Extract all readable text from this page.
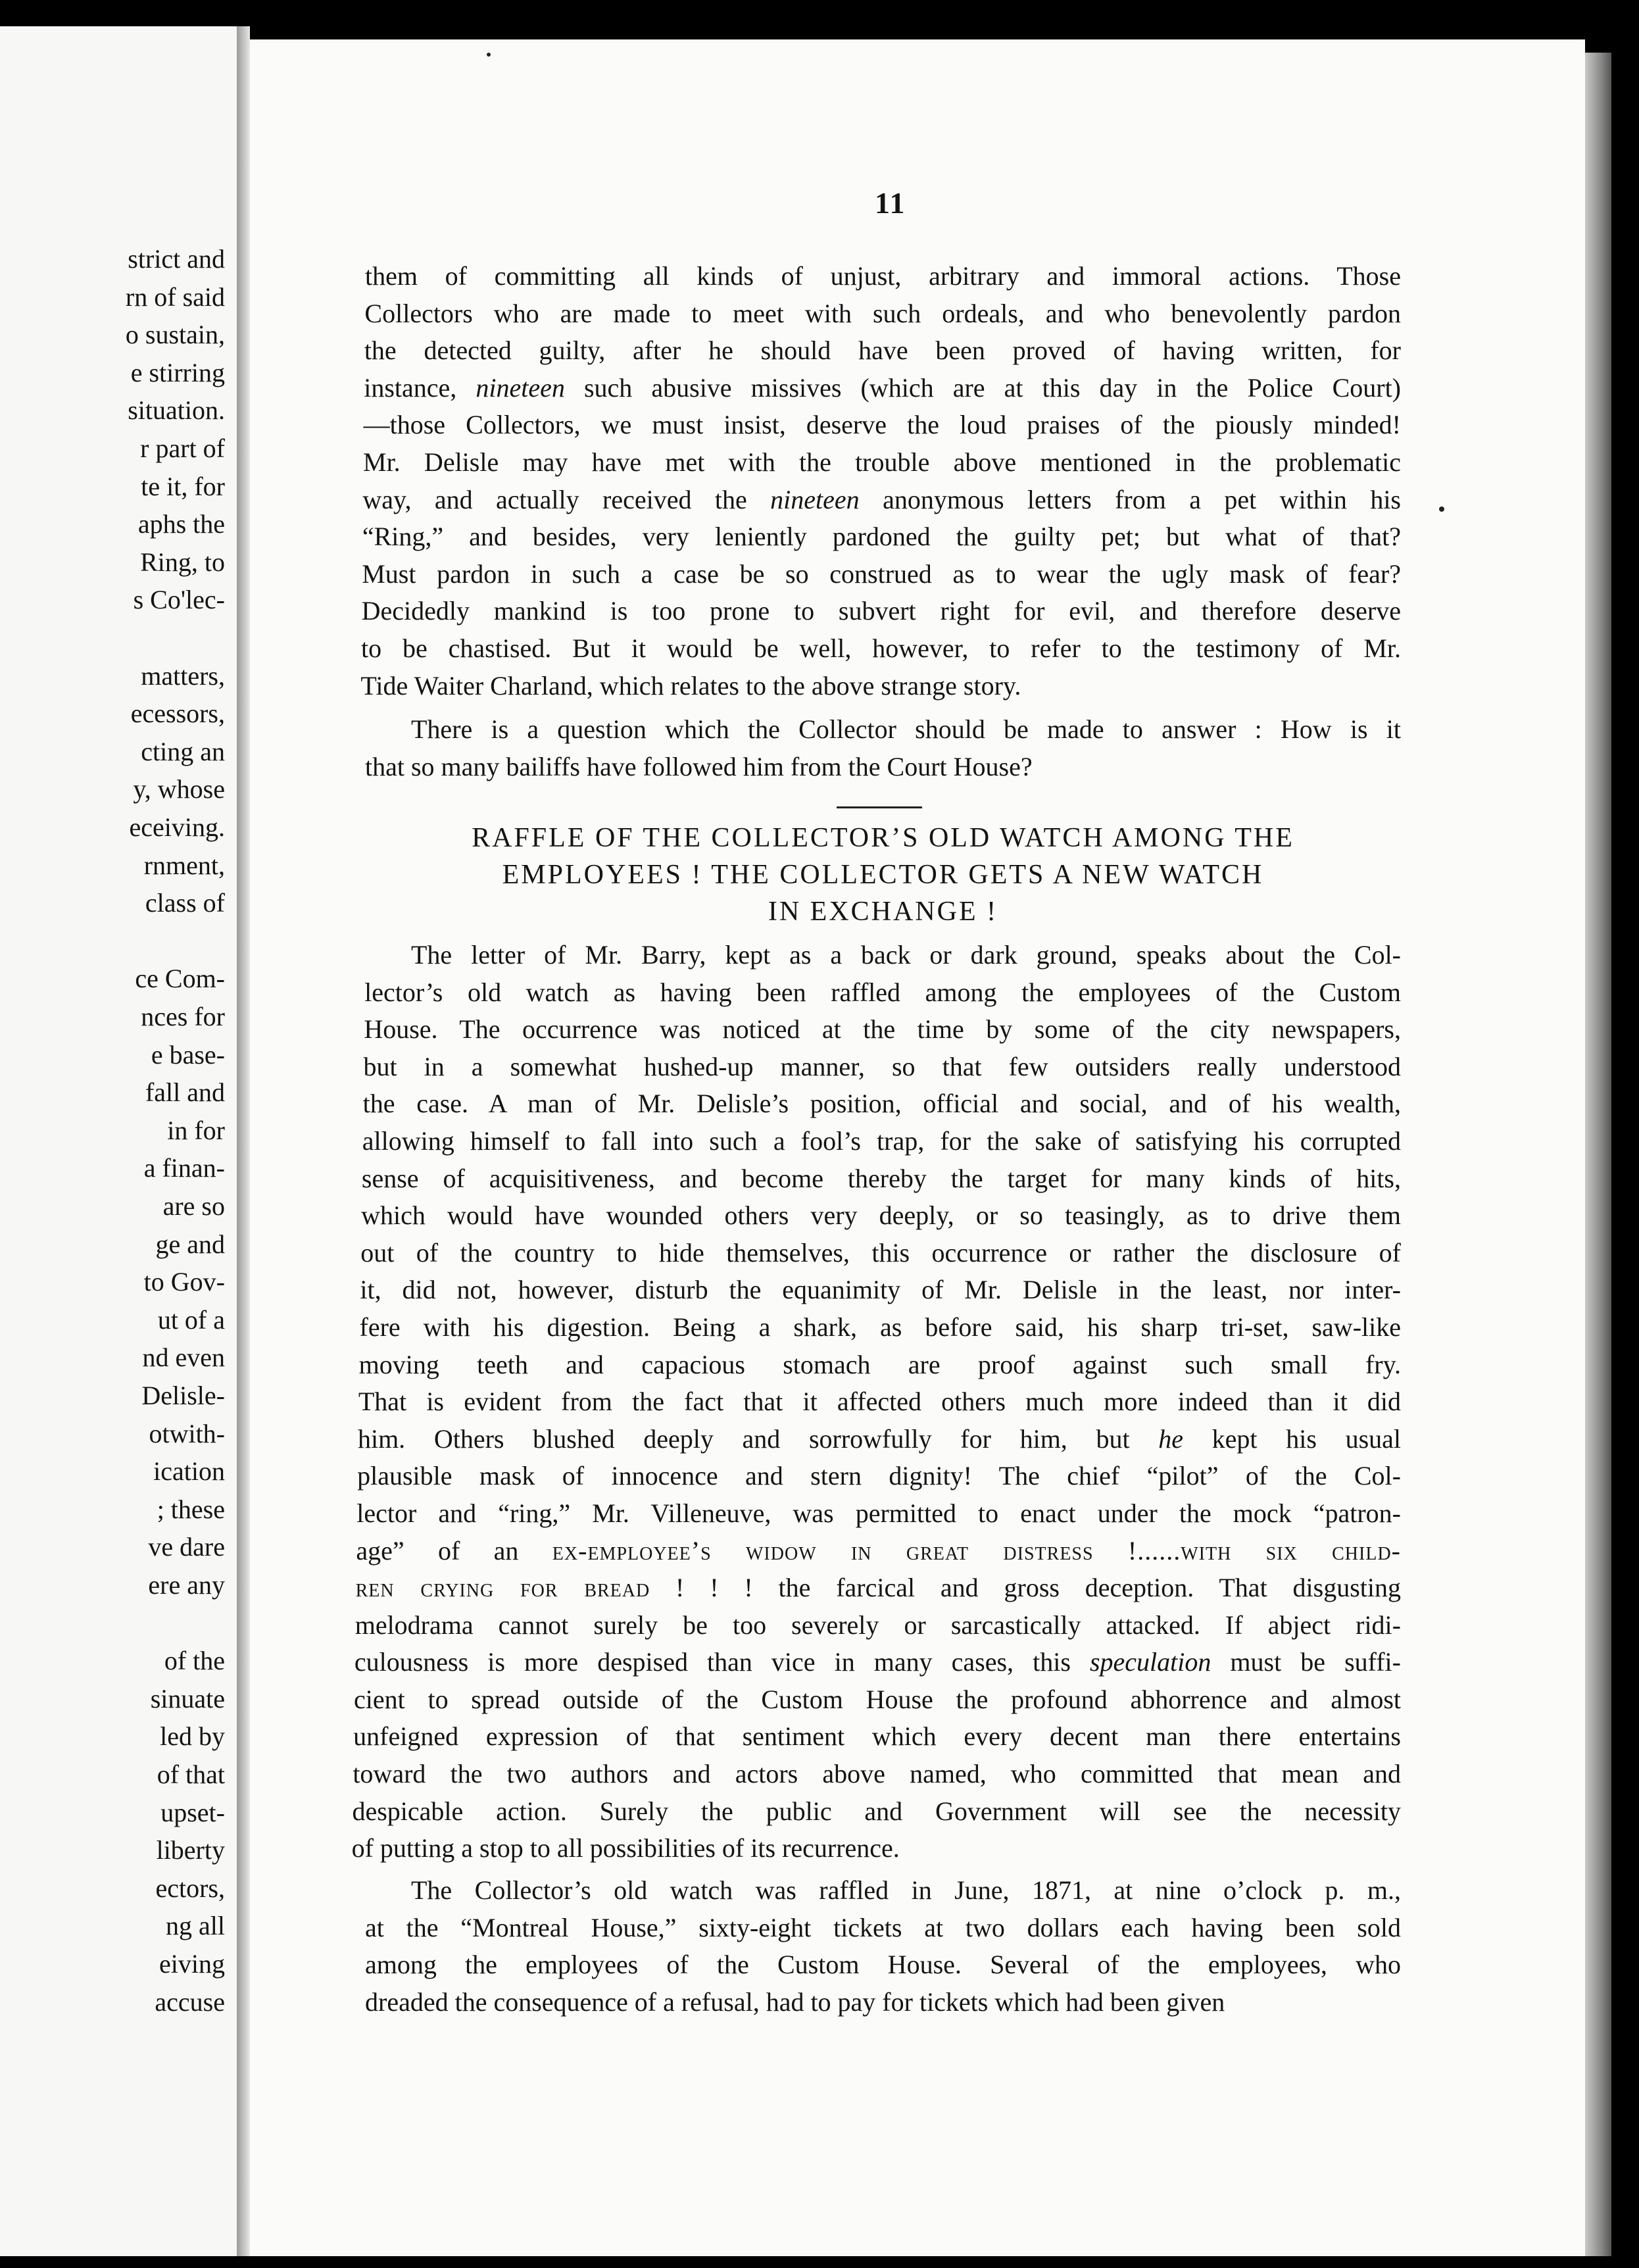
strict and
rn of said
o sustain,
e stirring
situation.
r part of
te it, for
aphs the
Ring, to
s Co'lec-
matters,
ecessors,
cting an
y, whose
eceiving.
rnment,
class of
ce Com-
nces for
e base-
fall and
in for
a finan-
are so
ge and
to Gov-
ut of a
nd even
Delisle-
otwith-
ication
; these
ve dare
ere any
of the
sinuate
led by
of that
upset-
liberty
ectors,
ng all
eiving
accuse
11
them of committing all kinds of unjust, arbitrary and immoral actions. Those
Collectors who are made to meet with such ordeals, and who benevolently pardon
the detected guilty, after he should have been proved of having written, for
instance, nineteen such abusive missives (which are at this day in the Police Court)
—those Collectors, we must insist, deserve the loud praises of the piously minded!
Mr. Delisle may have met with the trouble above mentioned in the problematic
way, and actually received the nineteen anonymous letters from a pet within his
“Ring,” and besides, very leniently pardoned the guilty pet; but what of that?
Must pardon in such a case be so construed as to wear the ugly mask of fear?
Decidedly mankind is too prone to subvert right for evil, and therefore deserve
to be chastised. But it would be well, however, to refer to the testimony of Mr.
Tide Waiter Charland, which relates to the above strange story.
There is a question which the Collector should be made to answer : How is it
that so many bailiffs have followed him from the Court House?
RAFFLE OF THE COLLECTOR’S OLD WATCH AMONG THE
EMPLOYEES ! THE COLLECTOR GETS A NEW WATCH
IN EXCHANGE !
The letter of Mr. Barry, kept as a back or dark ground, speaks about the Col-
lector’s old watch as having been raffled among the employees of the Custom
House. The occurrence was noticed at the time by some of the city newspapers,
but in a somewhat hushed-up manner, so that few outsiders really understood
the case. A man of Mr. Delisle’s position, official and social, and of his wealth,
allowing himself to fall into such a fool’s trap, for the sake of satisfying his corrupted
sense of acquisitiveness, and become thereby the target for many kinds of hits,
which would have wounded others very deeply, or so teasingly, as to drive them
out of the country to hide themselves, this occurrence or rather the disclosure of
it, did not, however, disturb the equanimity of Mr. Delisle in the least, nor inter-
fere with his digestion. Being a shark, as before said, his sharp tri-set, saw-like
moving teeth and capacious stomach are proof against such small fry.
That is evident from the fact that it affected others much more indeed than it did
him. Others blushed deeply and sorrowfully for him, but he kept his usual
plausible mask of innocence and stern dignity! The chief “pilot” of the Col-
lector and “ring,” Mr. Villeneuve, was permitted to enact under the mock “patron-
age” of an ex-employee’s widow in great distress !......with six child-
ren crying for bread ! ! ! the farcical and gross deception. That disgusting
melodrama cannot surely be too severely or sarcastically attacked. If abject ridi-
culousness is more despised than vice in many cases, this speculation must be suffi-
cient to spread outside of the Custom House the profound abhorrence and almost
unfeigned expression of that sentiment which every decent man there entertains
toward the two authors and actors above named, who committed that mean and
despicable action. Surely the public and Government will see the necessity
of putting a stop to all possibilities of its recurrence.
The Collector’s old watch was raffled in June, 1871, at nine o’clock p. m.,
at the “Montreal House,” sixty-eight tickets at two dollars each having been sold
among the employees of the Custom House. Several of the employees, who
dreaded the consequence of a refusal, had to pay for tickets which had been given
